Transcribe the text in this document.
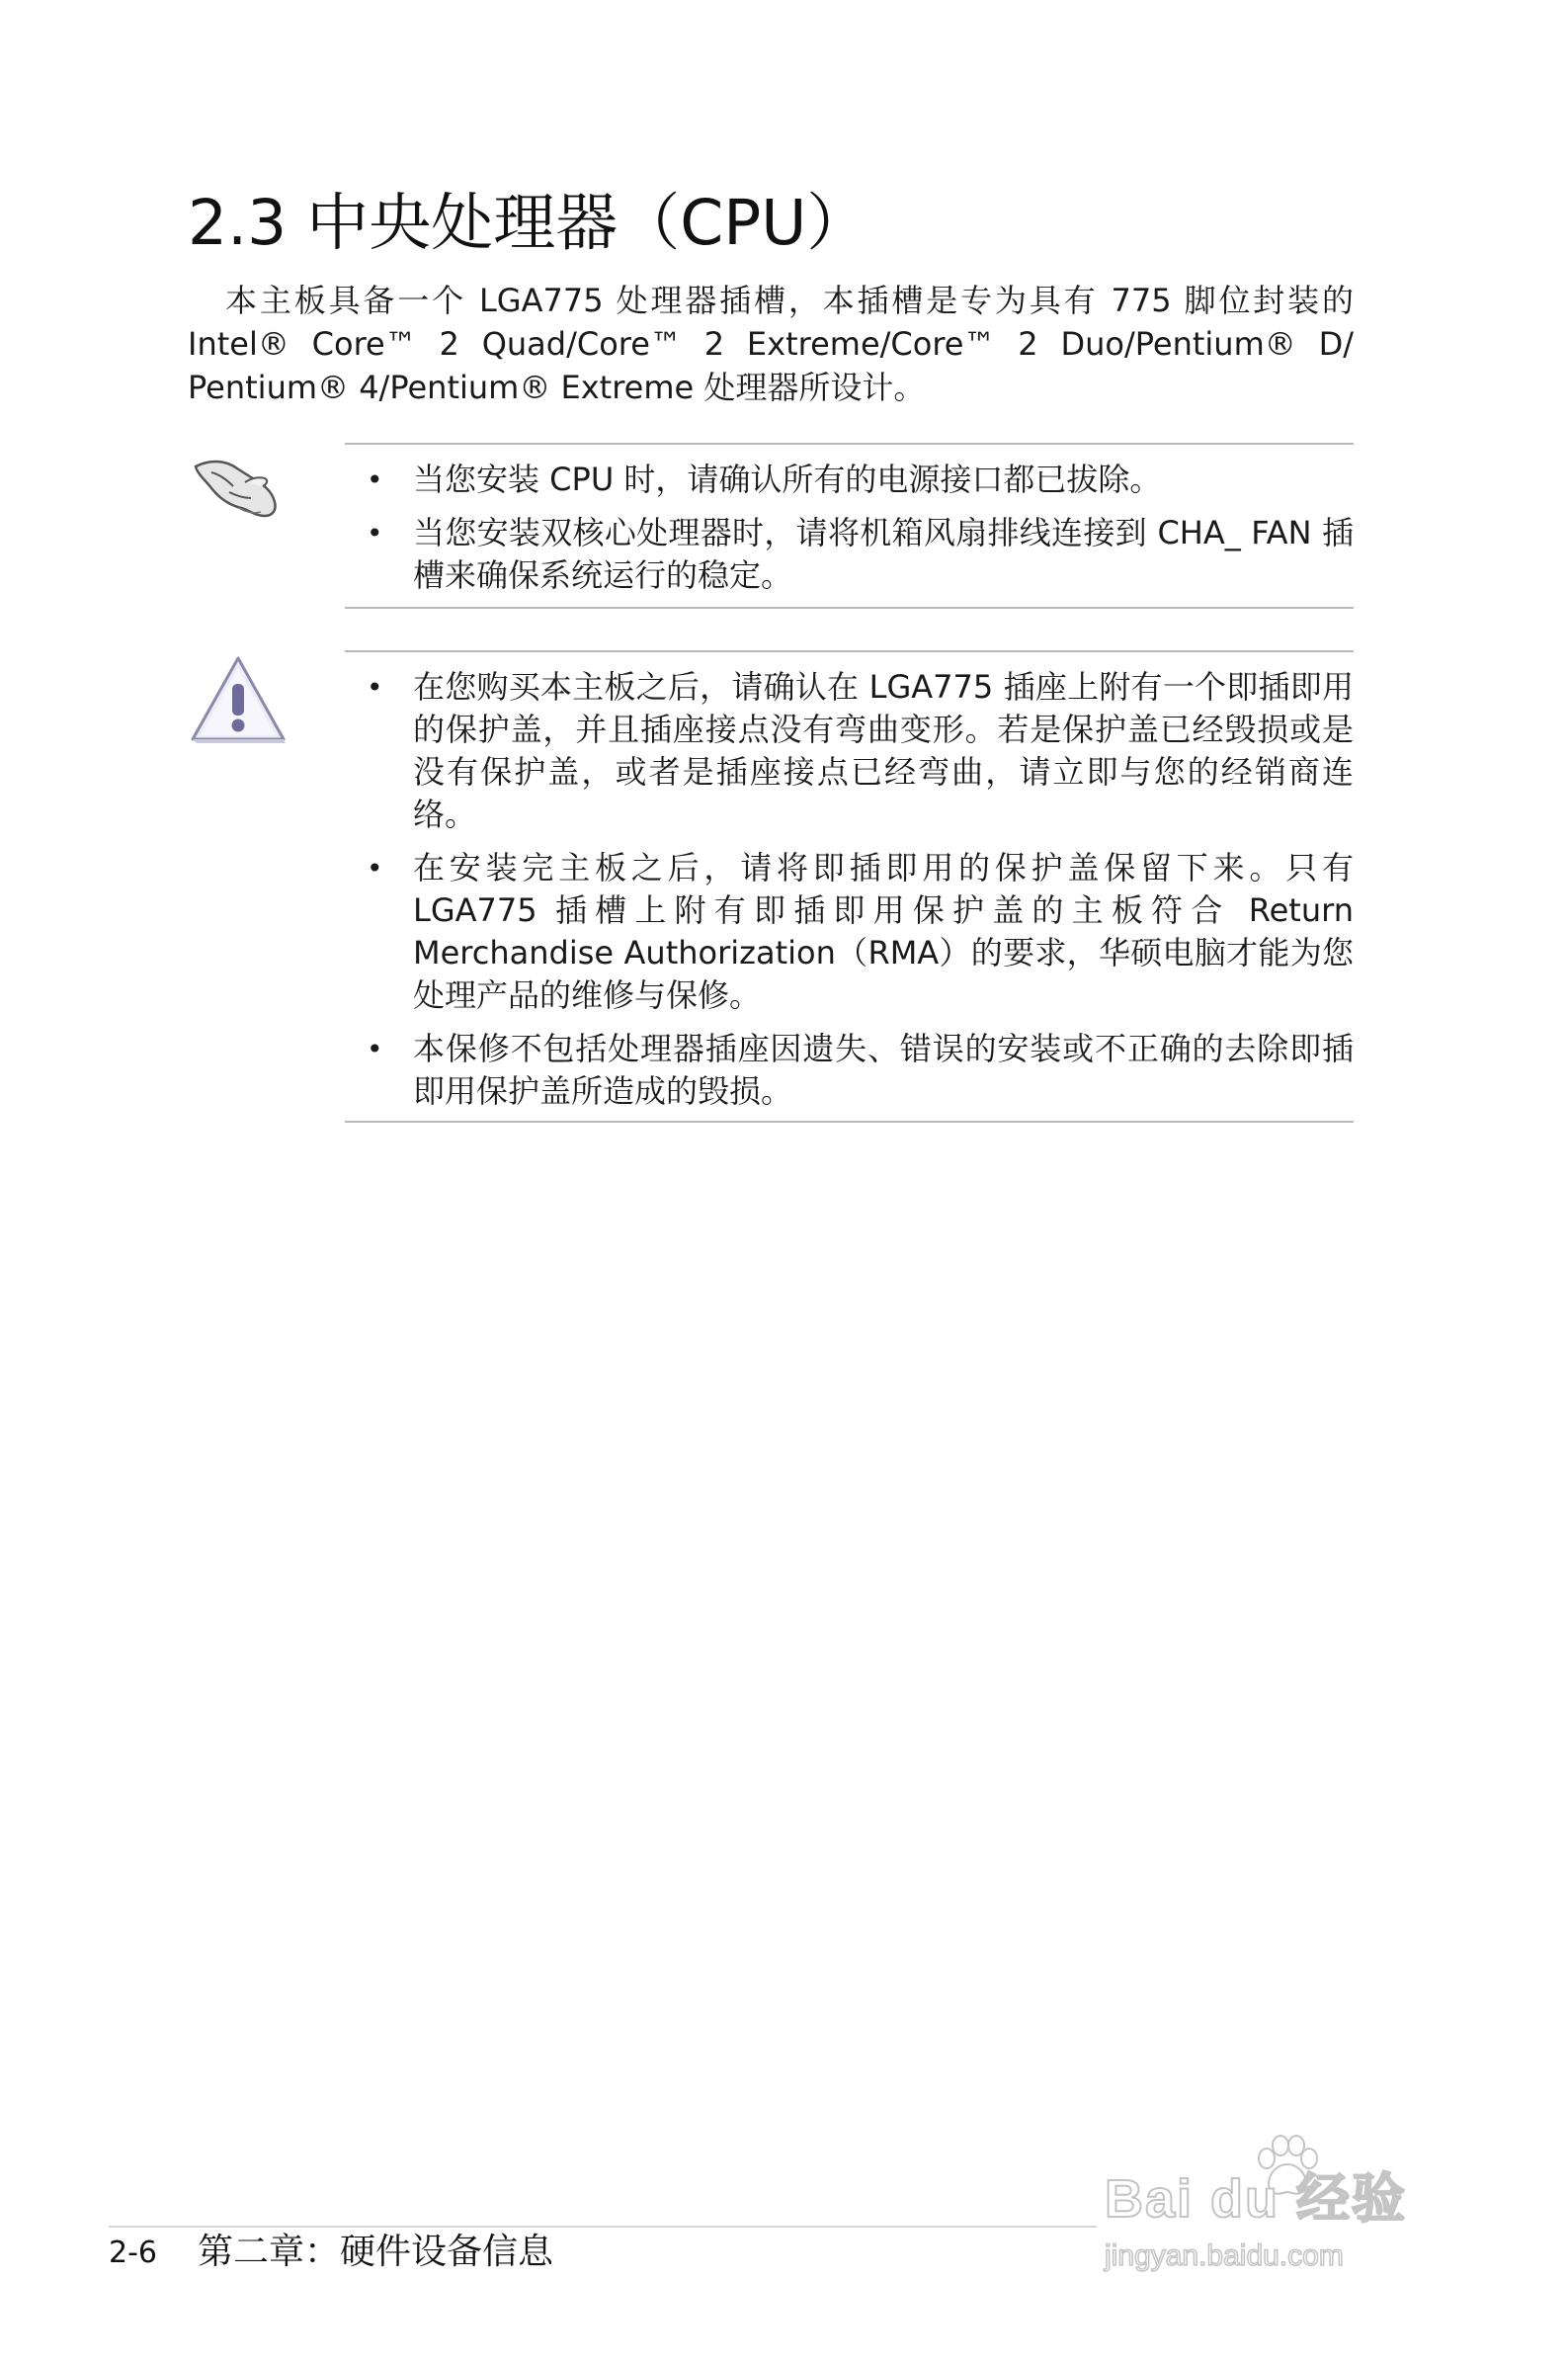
2.3 中央处理器（CPU）

本主板具备一个 LGA775 处理器插槽，本插槽是专为具有 775 脚位封装的 Intel® Core™ 2 Quad/Core™ 2 Extreme/Core™ 2 Duo/Pentium® D/ Pentium® 4/Pentium® Extreme 处理器所设计。

• 当您安装 CPU 时，请确认所有的电源接口都已拔除。
• 当您安装双核心处理器时，请将机箱风扇排线连接到 CHA_ FAN 插槽来确保系统运行的稳定。
• 在您购买本主板之后，请确认在 LGA775 插座上附有一个即插即用的保护盖，并且插座接点没有弯曲变形。若是保护盖已经毁损或是没有保护盖，或者是插座接点已经弯曲，请立即与您的经销商连络。
• 在安装完主板之后，请将即插即用的保护盖保留下来。只有 LGA775 插槽上附有即插即用保护盖的主板符合 Return Merchandise Authorization（RMA）的要求，华硕电脑才能为您处理产品的维修与保修。
• 本保修不包括处理器插座因遗失、错误的安装或不正确的去除即插即用保护盖所造成的毁损。
2-6 第二章：硬件设备信息
Bai du 经验
jingyan.baidu.com
